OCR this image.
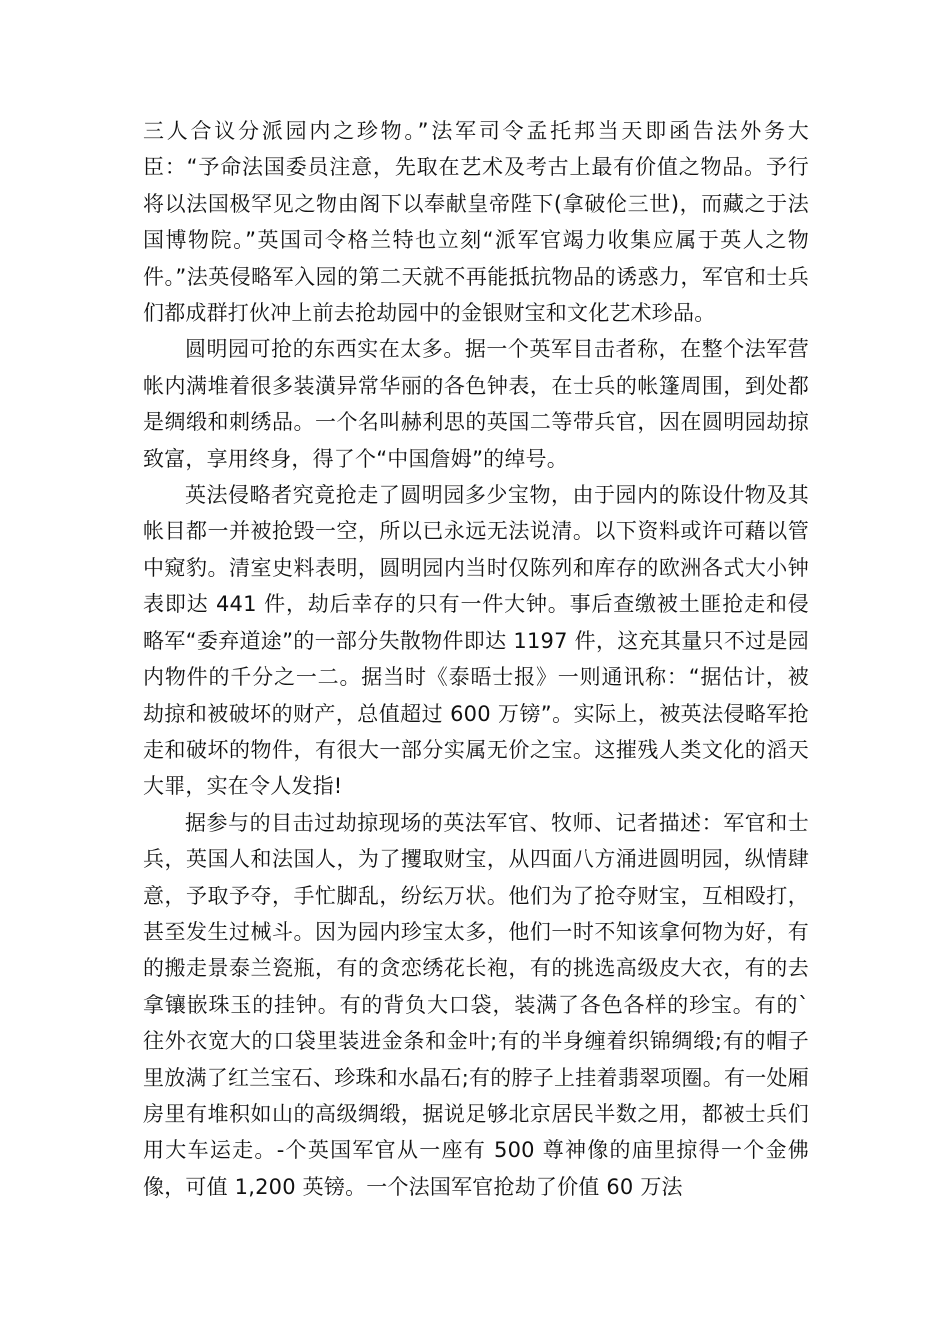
三人合议分派园内之珍物。”法军司令孟托邦当天即函告法外务大臣：“予命法国委员注意，先取在艺术及考古上最有价值之物品。予行将以法国极罕见之物由阁下以奉献皇帝陛下(拿破伦三世)，而藏之于法国博物院。”英国司令格兰特也立刻“派军官竭力收集应属于英人之物件。”法英侵略军入园的第二天就不再能抵抗物品的诱惑力，军官和士兵们都成群打伙冲上前去抢劫园中的金银财宝和文化艺术珍品。

圆明园可抢的东西实在太多。据一个英军目击者称，在整个法军营帐内满堆着很多装潢异常华丽的各色钟表，在士兵的帐篷周围，到处都是绸缎和刺绣品。一个名叫赫利思的英国二等带兵官，因在圆明园劫掠致富，享用终身，得了个“中国詹姆”的绰号。

英法侵略者究竟抢走了圆明园多少宝物，由于园内的陈设什物及其帐目都一并被抢毁一空，所以已永远无法说清。以下资料或许可藉以管中窥豹。清室史料表明，圆明园内当时仅陈列和库存的欧洲各式大小钟表即达 441 件，劫后幸存的只有一件大钟。事后查缴被土匪抢走和侵略军“委弃道途”的一部分失散物件即达 1197 件，这充其量只不过是园内物件的千分之一二。据当时《泰晤士报》一则通讯称：“据估计，被劫掠和被破坏的财产，总值超过 600 万镑”。实际上，被英法侵略军抢走和破坏的物件，有很大一部分实属无价之宝。这摧残人类文化的滔天大罪，实在令人发指!

据参与的目击过劫掠现场的英法军官、牧师、记者描述：军官和士兵，英国人和法国人，为了攫取财宝，从四面八方涌进圆明园，纵情肆意，予取予夺，手忙脚乱，纷纭万状。他们为了抢夺财宝，互相殴打，甚至发生过械斗。因为园内珍宝太多，他们一时不知该拿何物为好，有的搬走景泰兰瓷瓶，有的贪恋绣花长袍，有的挑选高级皮大衣，有的去拿镶嵌珠玉的挂钟。有的背负大口袋，装满了各色各样的珍宝。有的`往外衣宽大的口袋里装进金条和金叶;有的半身缠着织锦绸缎;有的帽子里放满了红兰宝石、珍珠和水晶石;有的脖子上挂着翡翠项圈。有一处厢房里有堆积如山的高级绸缎，据说足够北京居民半数之用，都被士兵们用大车运走。-个英国军官从一座有 500 尊神像的庙里掠得一个金佛像，可值 1,200 英镑。一个法国军官抢劫了价值 60 万法
